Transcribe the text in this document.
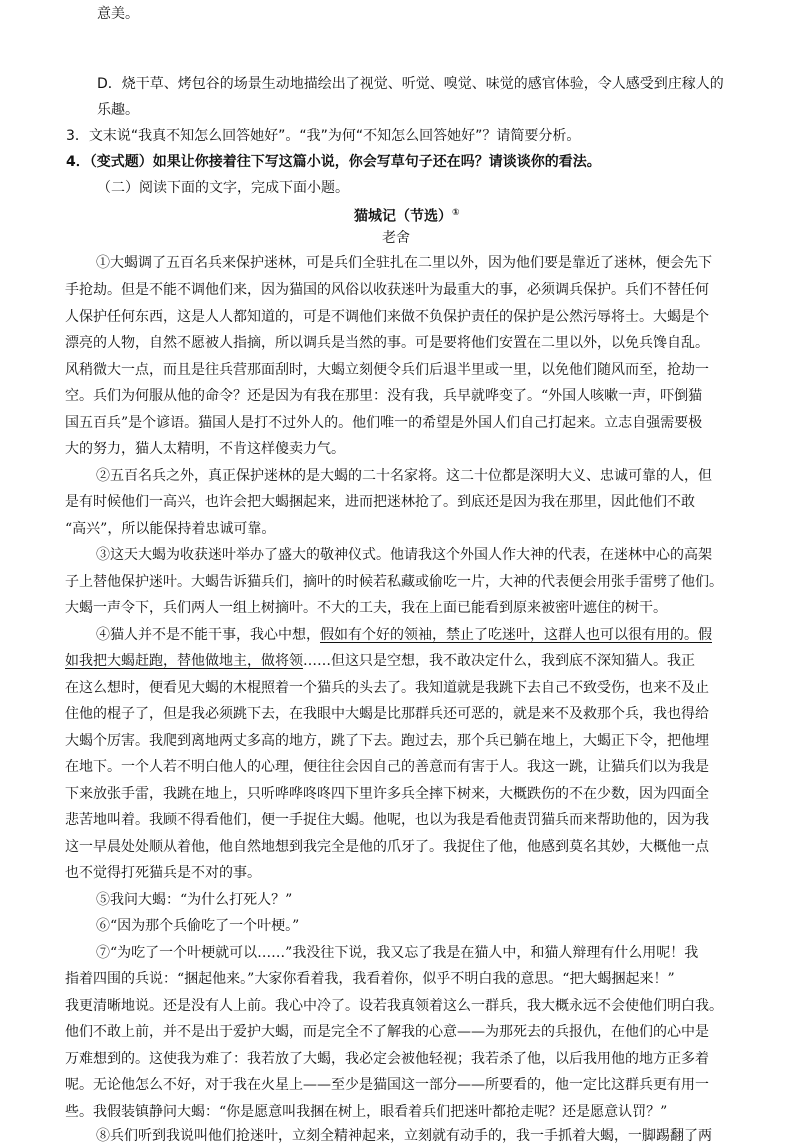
意美。
D．烧干草、烤包谷的场景生动地描绘出了视觉、听觉、嗅觉、味觉的感官体验，令人感受到庄稼人的
乐趣。
3．文末说“我真不知怎么回答她好”。“我”为何“不知怎么回答她好”？请简要分析。
4．（变式题）如果让你接着往下写这篇小说，你会写草句子还在吗？请谈谈你的看法。
（二）阅读下面的文字，完成下面小题。
猫城记（节选）①
老舍
①大蝎调了五百名兵来保护迷林，可是兵们全驻扎在二里以外，因为他们要是靠近了迷林，便会先下
手抢劫。但是不能不调他们来，因为猫国的风俗以收获迷叶为最重大的事，必须调兵保护。兵们不替任何
人保护任何东西，这是人人都知道的，可是不调他们来做不负保护责任的保护是公然污辱将士。大蝎是个
漂亮的人物，自然不愿被人指摘，所以调兵是当然的事。可是要将他们安置在二里以外，以免兵馋自乱。
风稍微大一点，而且是往兵营那面刮时，大蝎立刻便令兵们后退半里或一里，以免他们随风而至，抢劫一
空。兵们为何服从他的命令？还是因为有我在那里：没有我，兵早就哗变了。“外国人咳嗽一声，吓倒猫
国五百兵”是个谚语。猫国人是打不过外人的。他们唯一的希望是外国人们自己打起来。立志自强需要极
大的努力，猫人太精明，不肯这样傻卖力气。
②五百名兵之外，真正保护迷林的是大蝎的二十名家将。这二十位都是深明大义、忠诚可靠的人，但
是有时候他们一高兴，也许会把大蝎捆起来，进而把迷林抢了。到底还是因为我在那里，因此他们不敢
“高兴”，所以能保持着忠诚可靠。
③这天大蝎为收获迷叶举办了盛大的敬神仪式。他请我这个外国人作大神的代表，在迷林中心的高架
子上替他保护迷叶。大蝎告诉猫兵们，摘叶的时候若私藏或偷吃一片，大神的代表便会用张手雷劈了他们。
大蝎一声令下，兵们两人一组上树摘叶。不大的工夫，我在上面已能看到原来被密叶遮住的树干。
④猫人并不是不能干事，我心中想，假如有个好的领袖，禁止了吃迷叶，这群人也可以很有用的。假
如我把大蝎赶跑，替他做地主，做将领……但这只是空想，我不敢决定什么，我到底不深知猫人。我正
在这么想时，便看见大蝎的木棍照着一个猫兵的头去了。我知道就是我跳下去自己不致受伤，也来不及止
住他的棍子了，但是我必须跳下去，在我眼中大蝎是比那群兵还可恶的，就是来不及救那个兵，我也得给
大蝎个厉害。我爬到离地两丈多高的地方，跳了下去。跑过去，那个兵已躺在地上，大蝎正下令，把他埋
在地下。一个人若不明白他人的心理，便往往会因自己的善意而有害于人。我这一跳，让猫兵们以为我是
下来放张手雷，我跳在地上，只听哗哗咚咚四下里许多兵全摔下树来，大概跌伤的不在少数，因为四面全
悲苦地叫着。我顾不得看他们，便一手捉住大蝎。他呢，也以为我是看他责罚猫兵而来帮助他的，因为我
这一早晨处处顺从着他，他自然地想到我完全是他的爪牙了。我捉住了他，他感到莫名其妙，大概他一点
也不觉得打死猫兵是不对的事。
⑤我问大蝎：“为什么打死人？”
⑥“因为那个兵偷吃了一个叶梗。”
⑦“为吃了一个叶梗就可以……”我没往下说，我又忘了我是在猫人中，和猫人辩理有什么用呢！我
指着四围的兵说：“捆起他来。”大家你看着我，我看着你，似乎不明白我的意思。“把大蝎捆起来！”
我更清晰地说。还是没有人上前。我心中冷了。设若我真领着这么一群兵，我大概永远不会使他们明白我。
他们不敢上前，并不是出于爱护大蝎，而是完全不了解我的心意——为那死去的兵报仇，在他们的心中是
万难想到的。这使我为难了：我若放了大蝎，我必定会被他轻视；我若杀了他，以后我用他的地方正多着
呢。无论他怎么不好，对于我在火星上——至少是猫国这一部分——所要看的，他一定比这群兵更有用一
些。我假装镇静问大蝎：“你是愿意叫我捆在树上，眼看着兵们把迷叶都抢走呢？还是愿意认罚？”
⑧兵们听到我说叫他们抢迷叶，立刻全精神起来，立刻就有动手的，我一手抓着大蝎，一脚踢翻了两
